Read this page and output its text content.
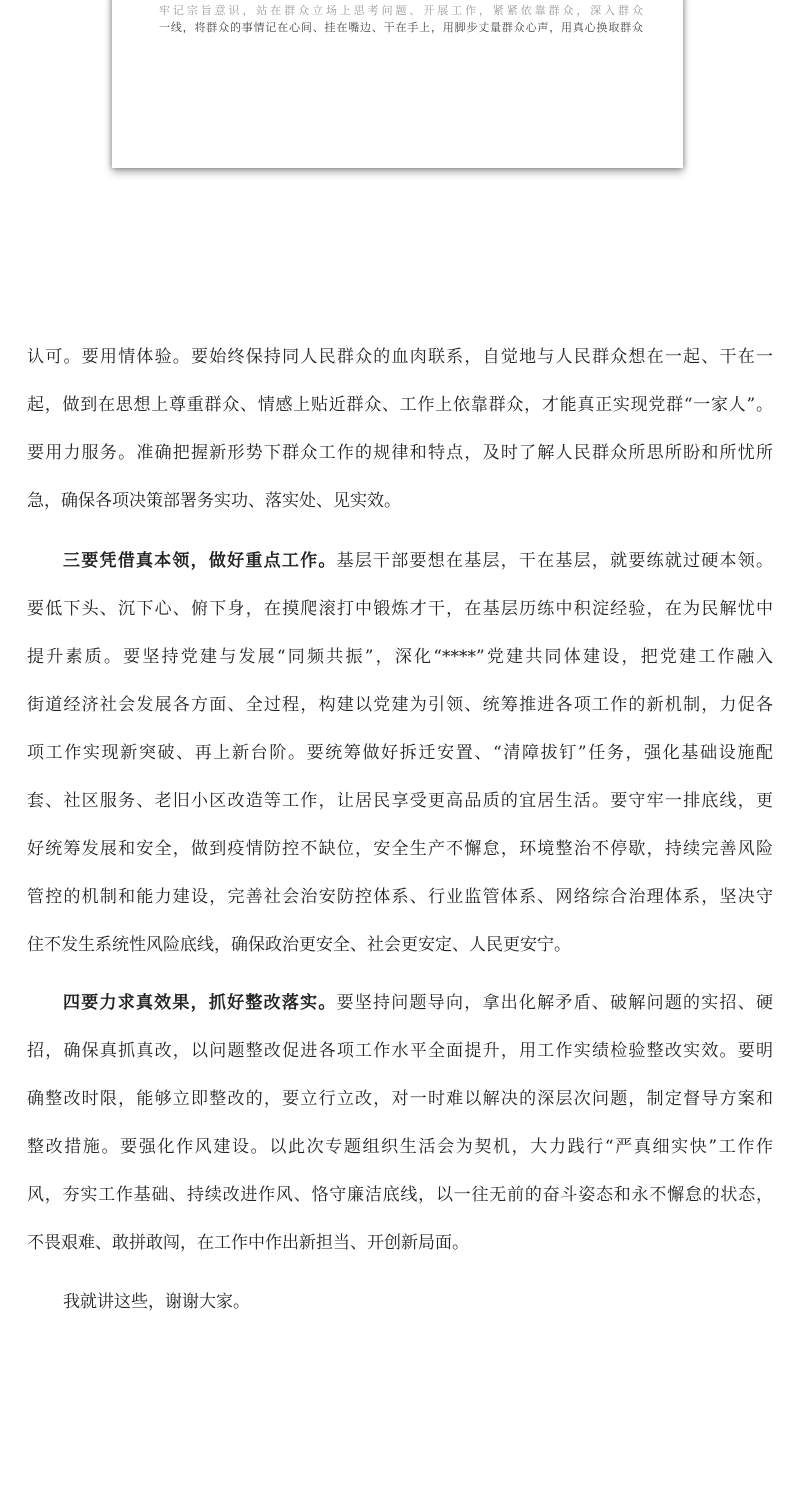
牢记宗旨意识，站在群众立场上思考问题、开展工作，紧紧依靠群众，深入群众
一线，将群众的事情记在心间、挂在嘴边、干在手上，用脚步丈量群众心声，用真心换取群众
认可。要用情体验。要始终保持同人民群众的血肉联系，自觉地与人民群众想在一起、干在一
起，做到在思想上尊重群众、情感上贴近群众、工作上依靠群众，才能真正实现党群“一家人”。
要用力服务。准确把握新形势下群众工作的规律和特点，及时了解人民群众所思所盼和所忧所
急，确保各项决策部署务实功、落实处、见实效。
三要凭借真本领，做好重点工作。基层干部要想在基层，干在基层，就要练就过硬本领。
要低下头、沉下心、俯下身，在摸爬滚打中锻炼才干，在基层历练中积淀经验，在为民解忧中
提升素质。要坚持党建与发展“同频共振”，深化“****”党建共同体建设，把党建工作融入
街道经济社会发展各方面、全过程，构建以党建为引领、统筹推进各项工作的新机制，力促各
项工作实现新突破、再上新台阶。要统筹做好拆迁安置、“清障拔钉”任务，强化基础设施配
套、社区服务、老旧小区改造等工作，让居民享受更高品质的宜居生活。要守牢一排底线，更
好统筹发展和安全，做到疫情防控不缺位，安全生产不懈怠，环境整治不停歇，持续完善风险
管控的机制和能力建设，完善社会治安防控体系、行业监管体系、网络综合治理体系，坚决守
住不发生系统性风险底线，确保政治更安全、社会更安定、人民更安宁。
四要力求真效果，抓好整改落实。要坚持问题导向，拿出化解矛盾、破解问题的实招、硬
招，确保真抓真改，以问题整改促进各项工作水平全面提升，用工作实绩检验整改实效。要明
确整改时限，能够立即整改的，要立行立改，对一时难以解决的深层次问题，制定督导方案和
整改措施。要强化作风建设。以此次专题组织生活会为契机，大力践行“严真细实快”工作作
风，夯实工作基础、持续改进作风、恪守廉洁底线，以一往无前的奋斗姿态和永不懈怠的状态，
不畏艰难、敢拼敢闯，在工作中作出新担当、开创新局面。
我就讲这些，谢谢大家。
